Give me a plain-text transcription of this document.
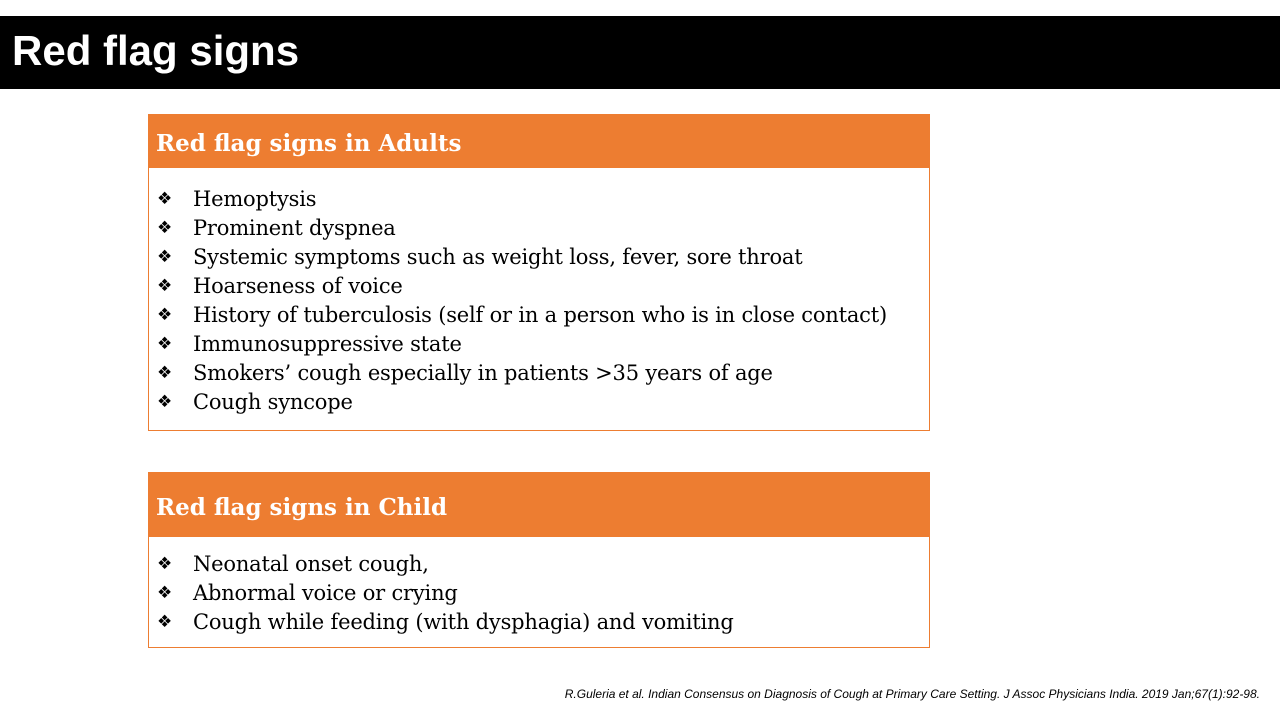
Red flag signs
Red flag signs in Adults
❖ Hemoptysis
❖ Prominent dyspnea
❖ Systemic symptoms such as weight loss, fever, sore throat
❖ Hoarseness of voice
❖ History of tuberculosis (self or in a person who is in close contact)
❖ Immunosuppressive state
❖ Smokers’ cough especially in patients >35 years of age
❖ Cough syncope
Red flag signs in Child
❖ Neonatal onset cough,
❖ Abnormal voice or crying
❖ Cough while feeding (with dysphagia) and vomiting
R.Guleria et al. Indian Consensus on Diagnosis of Cough at Primary Care Setting. J Assoc Physicians India. 2019 Jan;67(1):92-98.
